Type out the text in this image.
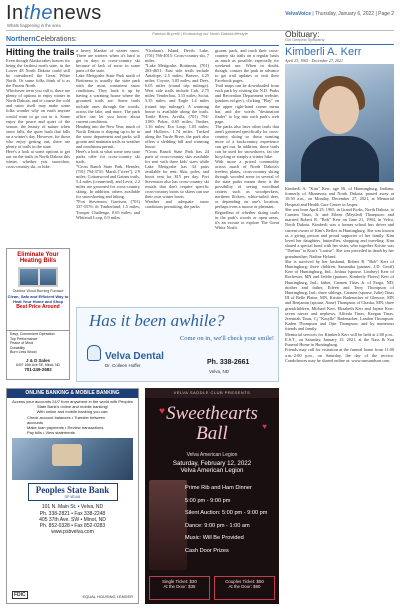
Inthenews
Whats happening in the area
VelvaVoice | Thursday, January 6, 2022 | Page 2
Patricia Brycelli | Embracing our North Dakota lifestyle
NorthernCelebrations:
Hitting the trails

Even though Alaska takes honors for being the farthest north state, in the Lower 48 North Dakota could still be considered the Great White North. Or some folks think of it as the Frozen North.

Whichever term you call it, there are plenty of options to enjoy winter in North Dakota, and of course the cold and snow itself may make some folks wonder why on earth anyone would want to go out in it. Some enjoy the peace and quiet of the season, the beauty of nature when snow falls, the quiet hush that falls on a winter's day. However, for those who enjoy getting out, there are plenty of trails in the state.

Here's a look at some options to get out on the trails in North Dakota this winter, whether you snowshoe, cross-country ski, or hike.

a heavy blanket of winter snow. There are winters when it's hard to get in days to cross-country ski because of lack of snow in some parts of the state.

Lake Metigoshe State Park north of Bottineau is usually the state park with the most consistent snow conditions. They back it up by having a warming house where the groomed trails are. Some trails include ones through the woods, across the lake, and more. The park office can let you know about current conditions.

Heading into the New Year, much of North Dakota is shaping up to be in the snow department and parks will groom and maintain trails as weather and conditions permit.

Here's a look at what some area state parks offer for cross-country ski trails.

*Cross Ranch State Park, Hensler, (701) 794-3731: Marsh ("river"), 2.9 miles; Cottonwood and Gaines trails, 5.4 miles (connected), and Levis, 2.2 miles are groomed for cross-country skiing. In addition, others available for snowshoeing and hiking.

*Fort Stevenson, Garrison, (701) 337-5576: th Timberland, 1.5 miles; Trooper Challenge, 0.65 miles; and Whitetail Loop, 0.9 miles.

*Graham's Island, Devils Lake, (701) 766-4015: Cross-country ski, 7 miles.

*Lake Metigoshe, Bottineau, (701) 263-4651: East side trails include Antelope, 2.5 miles; Beaver, 4.25 miles; Coyote, 3.05 miles; and Deer, 6.05 miles (round trip mileage). West side trails include Cub, 2.75 miles; Tenderfoot, 3.15 miles; Scout, 3.35 miles; and Eagle 1.4 miles (round trip mileage). A warming house is available along the trails. Turtle River, Arvilla, (701) 794-3180: Poker, 0.65 miles; Timber, 1.16 miles; Eco Loop, 1.05 miles; and Hollows, 1.74 miles. Tucked along the Turtle River, the park also offers a sledding hill and warming house.

*Cross Ranch State Park has 24 parts of cross-country skis available for rent with three kids' sizes while Lake Metigoshe has 34 pairs available for rent. Skis, poles, and boots rent for $15 per day. Fort Stevenson also has cross-country ski rentals that don't require specific cross-country boots so skiers can use their own winter boots.

Weather and adequate snow conditions permitting, the parks

groom, pack, and track their cross-country ski trails on a regular basis as much as possible, especially for weekend use. When in doubt, though, contact the park in advance to get trail updates or visit their Facebook pages.

Trail maps can be downloaded from each park by visiting the N.D. Parks and Recreation Department website, (parkrec.nd.gov), clicking "Play" on the upper right-hand corner menu bar, and the words "destination finder" to log into each park's web page.

The parks also have other trails that aren't groomed specifically for cross-country skiing so those wanting more of a backcountry experience can get out. In addition, those trails can be used for snowshoers, fat tire bicycling or simply a winter hike.

With more a prized commodity across much of North Dakota's treeless plains, cross-country skiing through wooded areas in several of the state parks means there is the possibility of seeing woodland critters such as woodpeckers, northern flickers, white-tailed deer, or depending on one's location, perhaps even a moose or pheasant.

Regardless of whether skiing trails in the park's woods or open areas, it's an excuse to explore The Great White North.

Eliminate Your Heating Bills
Outdoor Wood Burning Furnace
Clean, Safe and Efficient Way to Heat Your Home and Shop
Best Price Around
Easy, Convenient Operation
Top Performance
Peace of Mind
Durability
Burn Less Wood
J & D Sales
6407 16th Ave SE, Minot, ND
701-249-2682
Has it been awhile?
Come on in, we'll check your smile!
Velva Dental
Dr. Colleen Hoffer	Ph. 338-2661
Velva, ND
ONLINE BANKING & MOBILE BANKING
Access your accounts 24/7 from anywhere in the world with Peoples State Bank's online and mobile banking!
With online and mobile banking you can:
Check account balances • Transfer between accounts
Make loan payments • Review transactions
Pay bills • View statements
Peoples State Bank
OF VELVA
101 N. Main St. • Velva, ND
Ph. 338-2821 • Fax 338-2248
405 37th Ave. SW • Minot, ND
Ph. 852-0328 • Fax 852-0283
www.psbvelva.com
FDIC	EQUAL HOUSING LENDER
VELVA SADDLE CLUB PRESENTS
♥
♥
Sweethearts
Ball
Velva American Legion
Saturday, February 12, 2022
Velva American Legion
Prime Rib and Ham Dinner
5:00 pm - 9:00 pm
Silent Auction: 5:00 pm - 9:00 pm
Dance: 9:00 pm - 1:00 am
Music: Will Be Provided
Cash Door Prizes
Single Ticket: $30
At the Door: $35
Couples Ticket: $50
At the Door: $60
Obituary:
Our Deepest Sympathy
Kimberli A. Kerr
April 23, 1965 - December 27, 2021

Kimberli A. "Kim" Kerr, age 56, of Hunningburg, Indiana, formerly of Minnesota and North Dakota, passed away at 10:50 a.m., on Monday, December 27, 2021, at Memorial Hospital and Health Care Center in Jasper.

She was born April 25, 1965, in Grand Forks, North Dakota, to Carmen Tinas, Jr. and Eileen (Mrytled) Thompson; and married Robert R. "Bob" Kerr on June 21, 1984, in Velva, North Dakota. Kimberli was a former school bus driver and current owner of Kim's Reflex in Huntingburg. She was known as a giving person and proud supporter of her family. Kim loved her daughters, butterflies, shopping and traveling. Kim shared a special bond with her sister, who together Kristie was "Thelma" to Kim's "Louise". She was preceded in death by her grandmother; Nadine Hyland.

She is survived by her husband, Robert R. "Bob" Kerr of Huntingburg; three children, Samantha (partner, J.D. Geoff) Kerr of Huntingburg, Ind., Joshua (spouse, Lindsey) Kerr of Rochester, MN and Jeddie (partner, Kimberly Flores) Kerr of Huntingburg, Ind.; father, Carmen Tinas Jr. of Fargo, ND; mother and father, Eileen and Terry Thompson of Huntingburg, Ind.; three siblings, Carmen (spouse, Julie) Tinas III of Belle Plaine, MN, Kristin Radenacher of Glencoe, MN and Benjamin (spouse, Anne) Thompson of Chaska, MN; three grandchildren, Michael Kerr, Elizabeth Kerr and Jayme Kerr; seven nieces and nephews, Alfreda Tinas, Keegan Tinas, Jeremiah Tinas, Cj "Kasylle" Radenacher, Landon Thompson, Kaden Thompson and Ojin Thompson; and by numerous friends and family.

Memorial services for Kimberli Kerr will be held at 2:00 p.m., E.S.T., on Saturday, January 15, 2021, at the Nass & Son Funeral Home in Huntingburg.

Friends may call for visitation at the funeral home from 11:00 a.m.-2:00 p.m., on Saturday, the day of the service. Condolences may be shared online at: www.nassandson.com.
